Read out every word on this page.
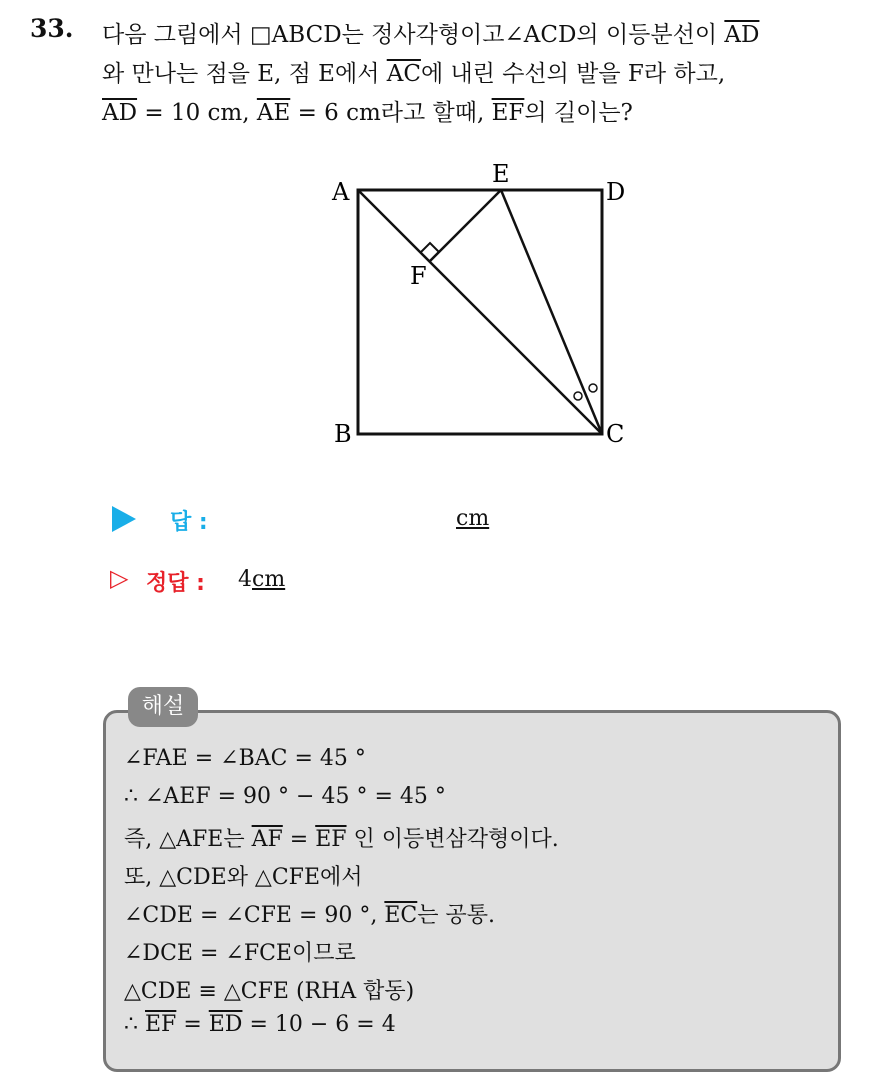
33. 다음 그림에서 □ABCD는 정사각형이고∠ACD의 이등분선이 $\overline{AD}$
와 만나는 점을 E, 점 E에서 $\overline{AC}$에 내린 수선의 발을 F라 하고,
$\overline{AD} = 10$ cm, $\overline{AE} = 6$ cm라고 할때, $\overline{EF}$의 길이는?
A	D
E
F
B	C
답 :	cm
▷ 정답 : 4cm
해설
∠FAE = ∠BAC = 45 °
∴ ∠AEF = 90 ° − 45 ° = 45 °
즉, △AFE는 $\overline{AF} = \overline{EF}$ 인 이등변삼각형이다.
또, △CDE와 △CFE에서
∠CDE = ∠CFE = 90 °, $\overline{EC}$는 공통.
∠DCE = ∠FCE이므로
△CDE ≡ △CFE (RHA 합동)
∴ $\overline{EF} = \overline{ED} = 10 - 6 = 4$
